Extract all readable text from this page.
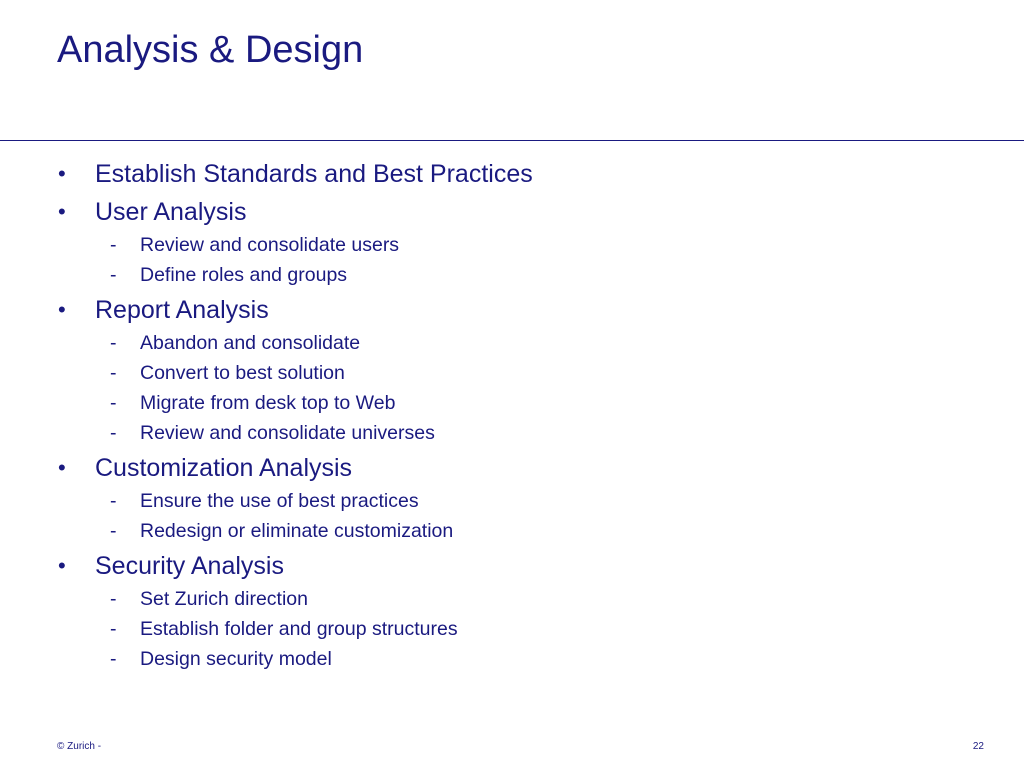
Analysis & Design
• Establish Standards and Best Practices
• User Analysis
- Review and consolidate users
- Define roles and groups
• Report Analysis
- Abandon and consolidate
- Convert to best solution
- Migrate from desk top to Web
- Review and consolidate universes
• Customization Analysis
- Ensure the use of best practices
- Redesign or eliminate customization
• Security Analysis
- Set Zurich direction
- Establish folder and group structures
- Design security model
© Zurich -	22
